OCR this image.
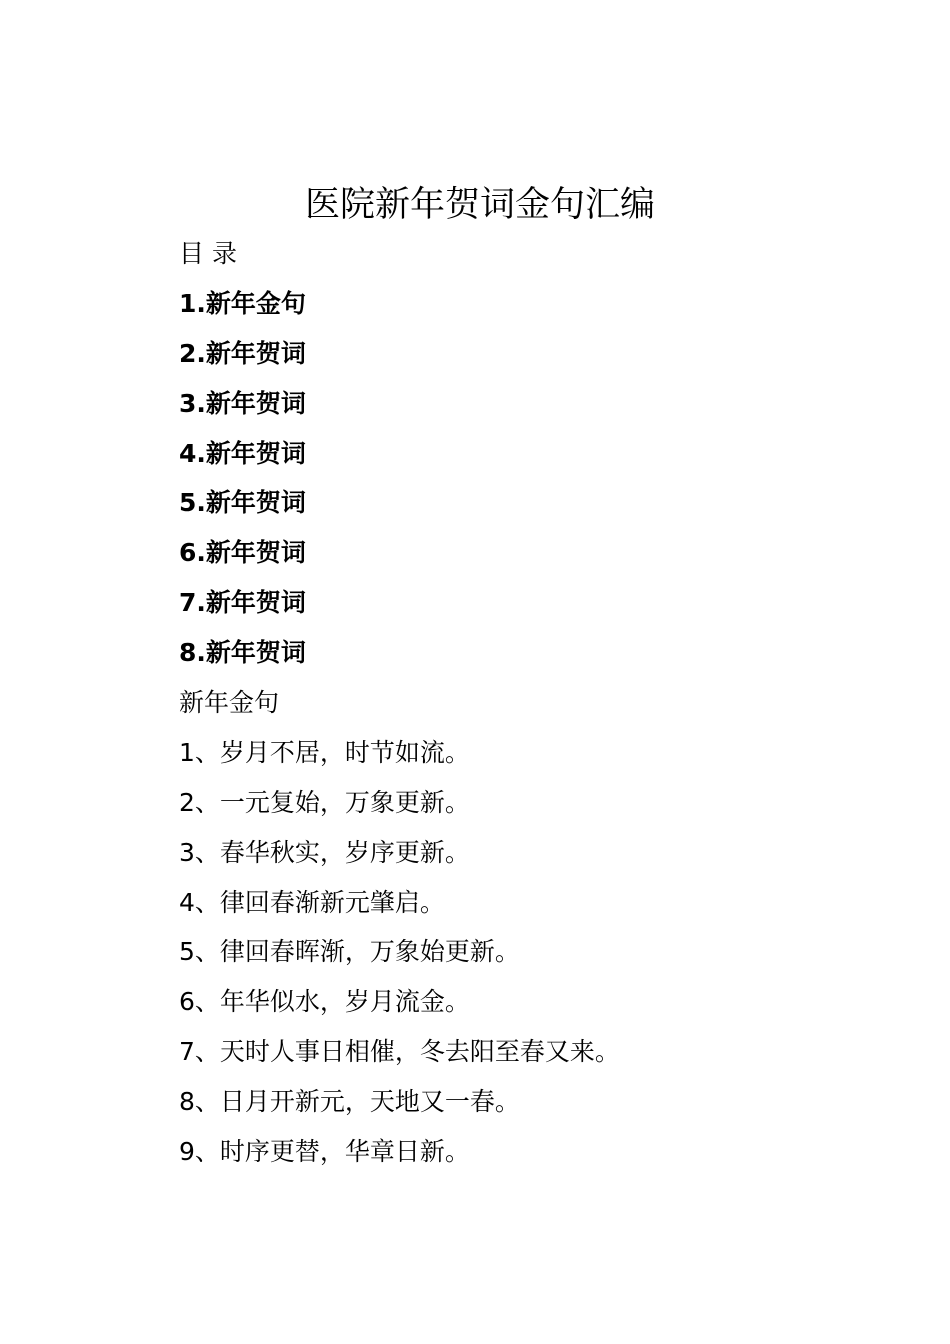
医院新年贺词金句汇编
目 录
1.新年金句
2.新年贺词
3.新年贺词
4.新年贺词
5.新年贺词
6.新年贺词
7.新年贺词
8.新年贺词
新年金句
1、岁月不居，时节如流。
2、一元复始，万象更新。
3、春华秋实，岁序更新。
4、律回春渐新元肇启。
5、律回春晖渐，万象始更新。
6、年华似水，岁月流金。
7、天时人事日相催，冬去阳至春又来。
8、日月开新元，天地又一春。
9、时序更替，华章日新。
